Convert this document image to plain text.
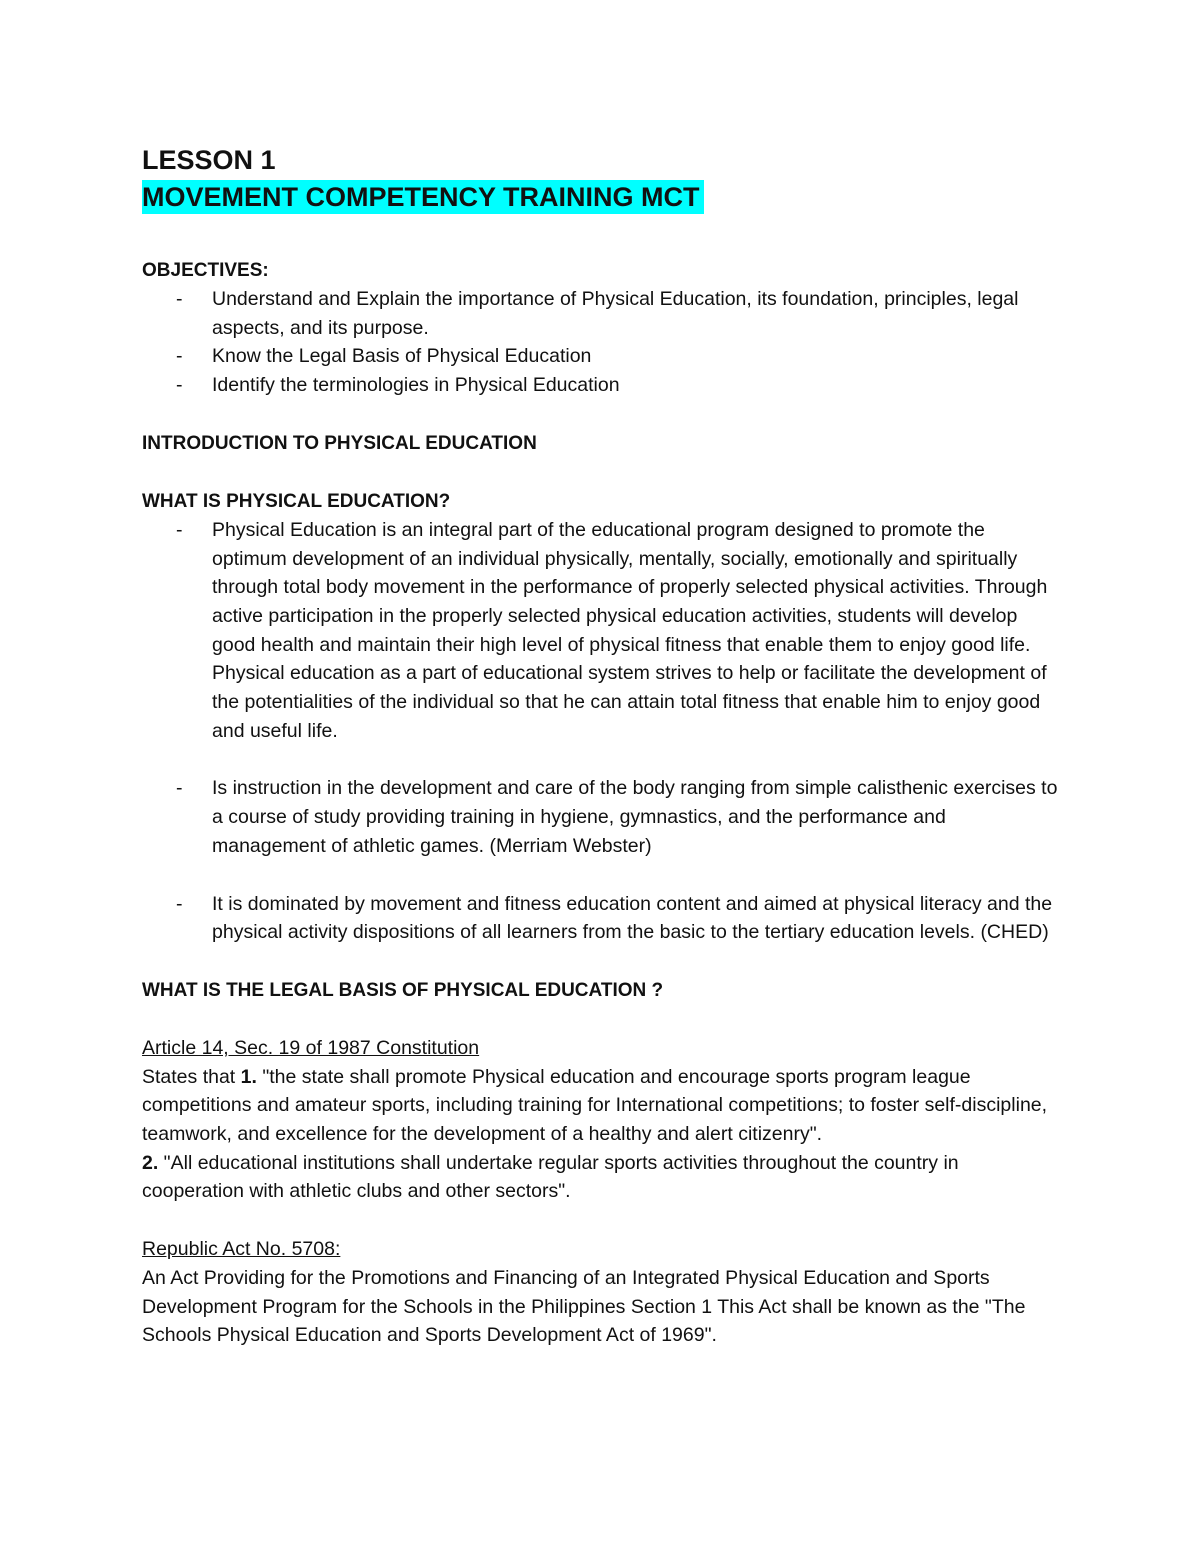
LESSON 1

MOVEMENT COMPETENCY TRAINING MCT

OBJECTIVES:

- Understand and Explain the importance of Physical Education, its foundation, principles, legal aspects, and its purpose.
- Know the Legal Basis of Physical Education
- Identify the terminologies in Physical Education

INTRODUCTION TO PHYSICAL EDUCATION

WHAT IS PHYSICAL EDUCATION?

- Physical Education is an integral part of the educational program designed to promote the optimum development of an individual physically, mentally, socially, emotionally and spiritually through total body movement in the performance of properly selected physical activities. Through active participation in the properly selected physical education activities, students will develop good health and maintain their high level of physical fitness that enable them to enjoy good life. Physical education as a part of educational system strives to help or facilitate the development of the potentialities of the individual so that he can attain total fitness that enable him to enjoy good and useful life.
- Is instruction in the development and care of the body ranging from simple calisthenic exercises to a course of study providing training in hygiene, gymnastics, and the performance and management of athletic games. (Merriam Webster)
- It is dominated by movement and fitness education content and aimed at physical literacy and the physical activity dispositions of all learners from the basic to the tertiary education levels. (CHED)

WHAT IS THE LEGAL BASIS OF PHYSICAL EDUCATION ?

Article 14, Sec. 19 of 1987 Constitution
States that 1. "the state shall promote Physical education and encourage sports program league competitions and amateur sports, including training for International competitions; to foster self-discipline, teamwork, and excellence for the development of a healthy and alert citizenry".
2. "All educational institutions shall undertake regular sports activities throughout the country in cooperation with athletic clubs and other sectors".

Republic Act No. 5708:
An Act Providing for the Promotions and Financing of an Integrated Physical Education and Sports Development Program for the Schools in the Philippines Section 1 This Act shall be known as the "The Schools Physical Education and Sports Development Act of 1969".
